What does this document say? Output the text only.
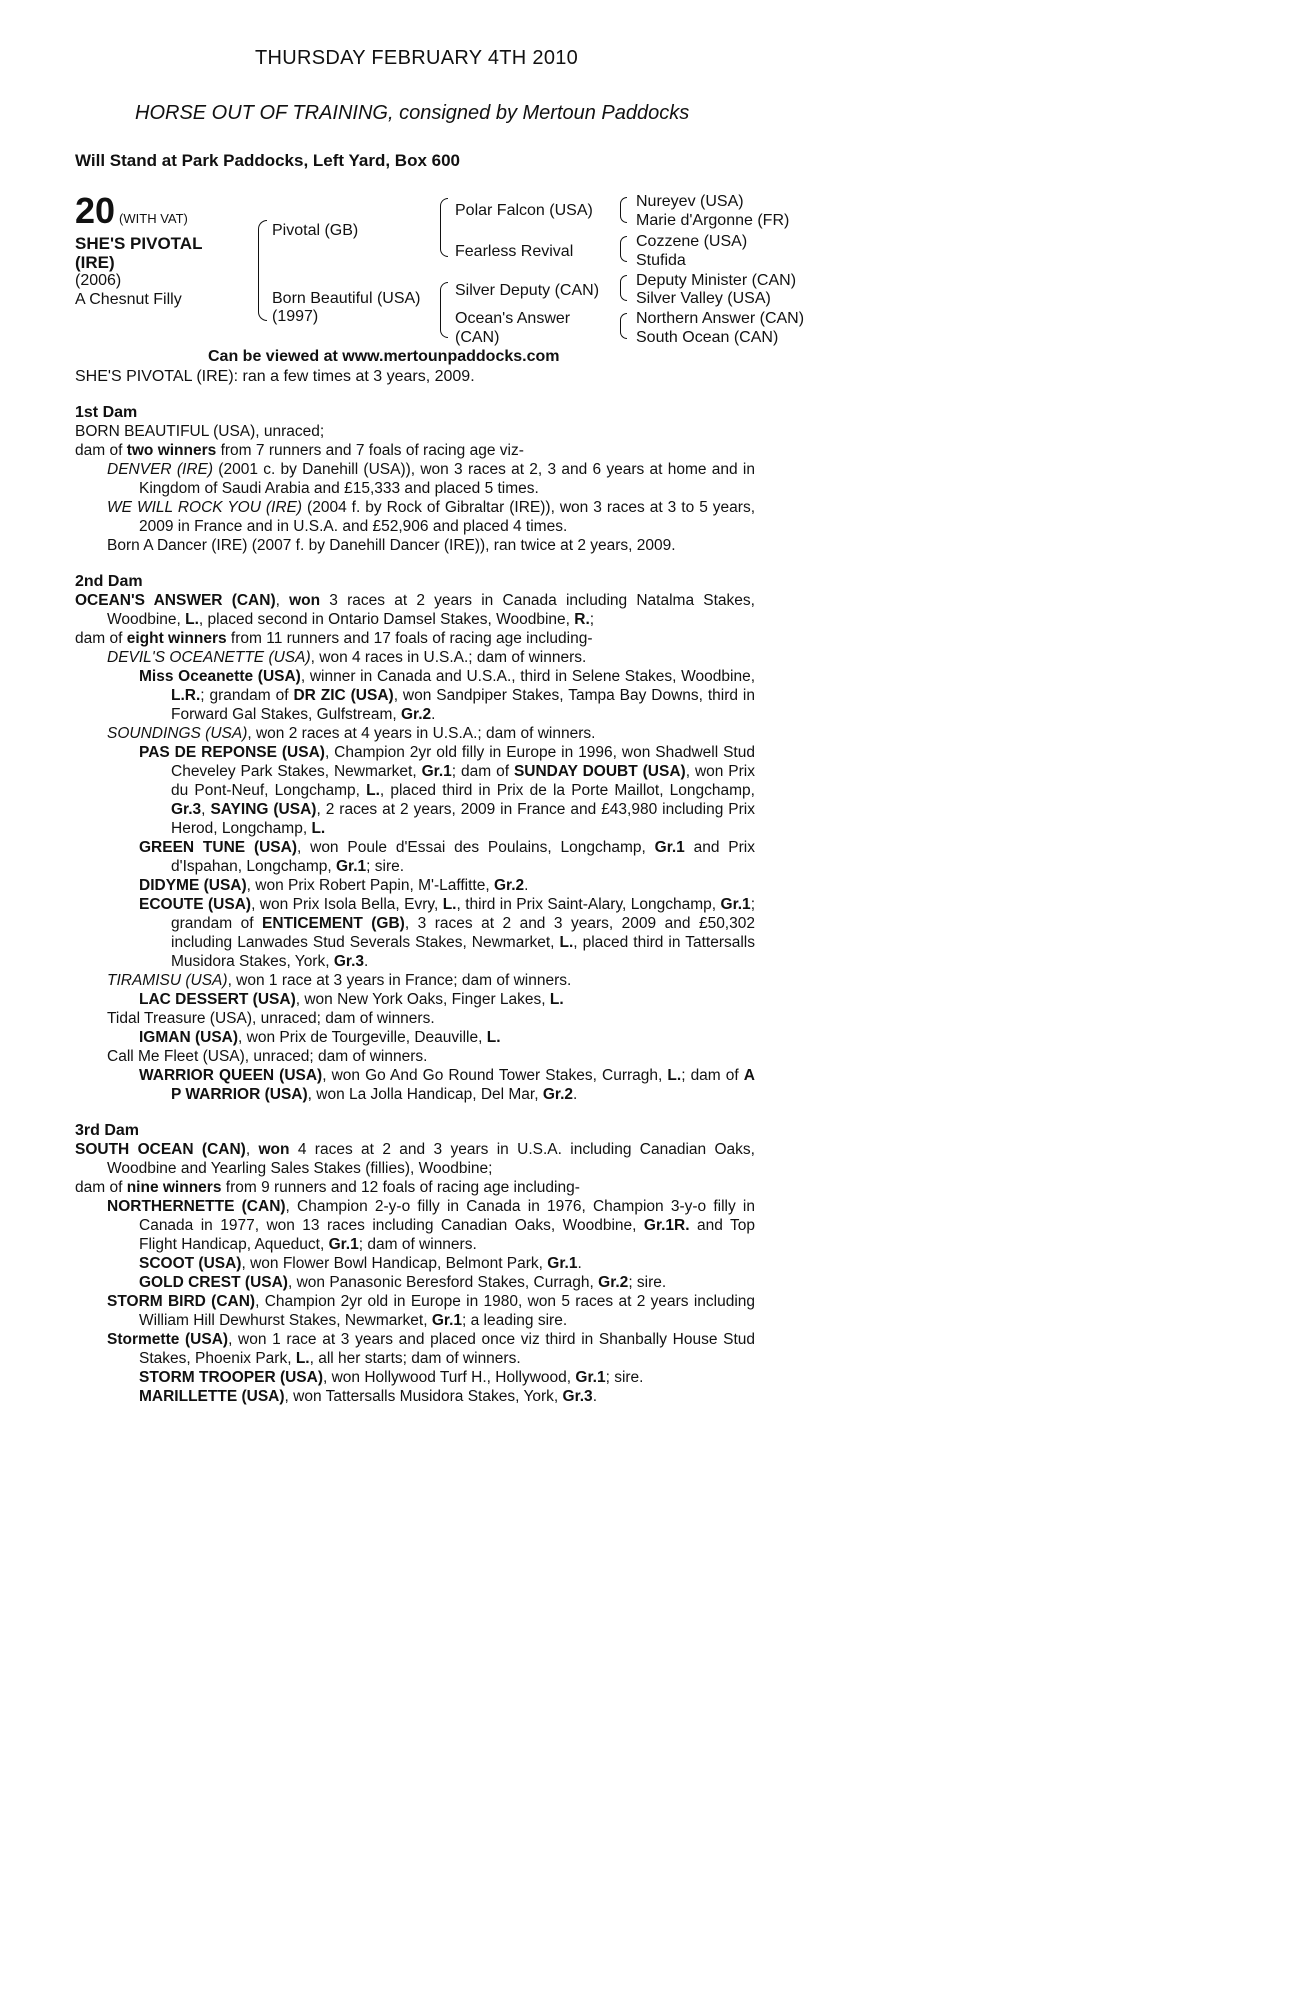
THURSDAY FEBRUARY 4TH 2010
HORSE OUT OF TRAINING, consigned by Mertoun Paddocks
Will Stand at Park Paddocks, Left Yard, Box 600
20 (WITH VAT)
SHE'S PIVOTAL (IRE)
(2006)
A Chesnut Filly
Pivotal (GB)
Born Beautiful (USA)
(1997)
Polar Falcon (USA)
Fearless Revival
Silver Deputy (CAN)
Ocean's Answer
(CAN)
Nureyev (USA)
Marie d'Argonne (FR)
Cozzene (USA)
Stufida
Deputy Minister (CAN)
Silver Valley (USA)
Northern Answer (CAN)
South Ocean (CAN)
Can be viewed at www.mertounpaddocks.com
SHE'S PIVOTAL (IRE): ran a few times at 3 years, 2009.
1st Dam
BORN BEAUTIFUL (USA), unraced;
dam of two winners from 7 runners and 7 foals of racing age viz-
DENVER (IRE) (2001 c. by Danehill (USA)), won 3 races at 2, 3 and 6 years at home and in Kingdom of Saudi Arabia and £15,333 and placed 5 times.
WE WILL ROCK YOU (IRE) (2004 f. by Rock of Gibraltar (IRE)), won 3 races at 3 to 5 years, 2009 in France and in U.S.A. and £52,906 and placed 4 times.
Born A Dancer (IRE) (2007 f. by Danehill Dancer (IRE)), ran twice at 2 years, 2009.
2nd Dam
OCEAN'S ANSWER (CAN), won 3 races at 2 years in Canada including Natalma Stakes, Woodbine, L., placed second in Ontario Damsel Stakes, Woodbine, R.;
dam of eight winners from 11 runners and 17 foals of racing age including-
DEVIL'S OCEANETTE (USA), won 4 races in U.S.A.; dam of winners.
Miss Oceanette (USA), winner in Canada and U.S.A., third in Selene Stakes, Woodbine, L.R.; grandam of DR ZIC (USA), won Sandpiper Stakes, Tampa Bay Downs, third in Forward Gal Stakes, Gulfstream, Gr.2.
SOUNDINGS (USA), won 2 races at 4 years in U.S.A.; dam of winners.
PAS DE REPONSE (USA), Champion 2yr old filly in Europe in 1996, won Shadwell Stud Cheveley Park Stakes, Newmarket, Gr.1; dam of SUNDAY DOUBT (USA), won Prix du Pont-Neuf, Longchamp, L., placed third in Prix de la Porte Maillot, Longchamp, Gr.3, SAYING (USA), 2 races at 2 years, 2009 in France and £43,980 including Prix Herod, Longchamp, L.
GREEN TUNE (USA), won Poule d'Essai des Poulains, Longchamp, Gr.1 and Prix d'Ispahan, Longchamp, Gr.1; sire.
DIDYME (USA), won Prix Robert Papin, M'-Laffitte, Gr.2.
ECOUTE (USA), won Prix Isola Bella, Evry, L., third in Prix Saint-Alary, Longchamp, Gr.1; grandam of ENTICEMENT (GB), 3 races at 2 and 3 years, 2009 and £50,302 including Lanwades Stud Severals Stakes, Newmarket, L., placed third in Tattersalls Musidora Stakes, York, Gr.3.
TIRAMISU (USA), won 1 race at 3 years in France; dam of winners.
LAC DESSERT (USA), won New York Oaks, Finger Lakes, L.
Tidal Treasure (USA), unraced; dam of winners.
IGMAN (USA), won Prix de Tourgeville, Deauville, L.
Call Me Fleet (USA), unraced; dam of winners.
WARRIOR QUEEN (USA), won Go And Go Round Tower Stakes, Curragh, L.; dam of A P WARRIOR (USA), won La Jolla Handicap, Del Mar, Gr.2.
3rd Dam
SOUTH OCEAN (CAN), won 4 races at 2 and 3 years in U.S.A. including Canadian Oaks, Woodbine and Yearling Sales Stakes (fillies), Woodbine;
dam of nine winners from 9 runners and 12 foals of racing age including-
NORTHERNETTE (CAN), Champion 2-y-o filly in Canada in 1976, Champion 3-y-o filly in Canada in 1977, won 13 races including Canadian Oaks, Woodbine, Gr.1R. and Top Flight Handicap, Aqueduct, Gr.1; dam of winners.
SCOOT (USA), won Flower Bowl Handicap, Belmont Park, Gr.1.
GOLD CREST (USA), won Panasonic Beresford Stakes, Curragh, Gr.2; sire.
STORM BIRD (CAN), Champion 2yr old in Europe in 1980, won 5 races at 2 years including William Hill Dewhurst Stakes, Newmarket, Gr.1; a leading sire.
Stormette (USA), won 1 race at 3 years and placed once viz third in Shanbally House Stud Stakes, Phoenix Park, L., all her starts; dam of winners.
STORM TROOPER (USA), won Hollywood Turf H., Hollywood, Gr.1; sire.
MARILLETTE (USA), won Tattersalls Musidora Stakes, York, Gr.3.
